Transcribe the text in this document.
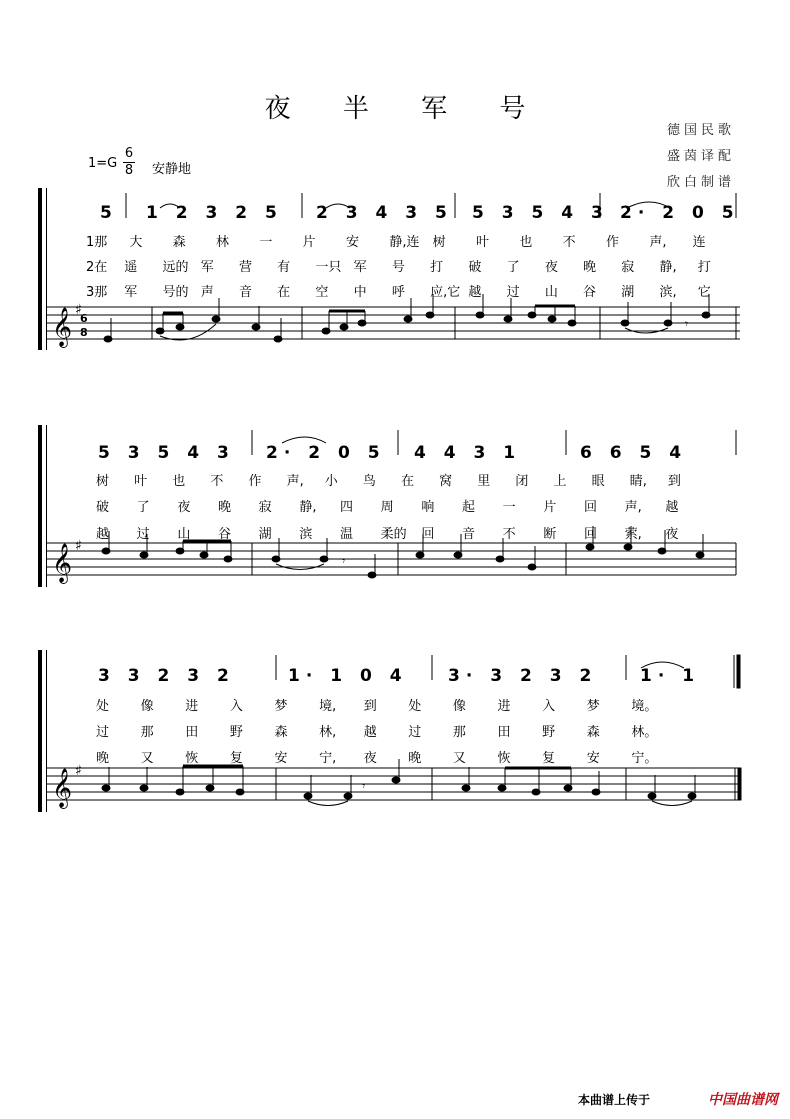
夜 半 军 号
德国民歌
盛茵译配
欣白制谱
1=G
6
8 安静地
5 1 2 3 2 5 2 3 4 3 5 5 3 5 4 3 2· 2 0 5
1那 大 森 林 一 片 安 静,连 树 叶 也 不 作 声, 连
2在 遥 远的 军 营 有 一只 军 号 打 破 了 夜 晚 寂 静, 打
3那 军 号的 声 音 在 空 中 呼 应,它 越 过 山 谷 湖 滨, 它
𝄞 ♯
6
8
𝄾
5 3 5 4 3 2· 2 0 5 4 4 3 1	6 6 5 4
树 叶 也 不 作 声, 小 鸟 在 窝 里 闭 上 眼 睛, 到
破 了 夜 晚 寂 静, 四 周 响 起 一 片 回 声, 越
越 过 山 谷 湖 滨 温 柔的 回 音 不 断 回 萦, 夜
𝄞 ♯
𝄾
3 3 2 3 2	1· 1 0 4 3· 3 2 3 2	1· 1
处 像 进 入 梦 境, 到 处 像 进 入 梦 境。
过 那 田 野 森 林, 越 过 那 田 野 森 林。
晚 又 恢 复 安 宁, 夜 晚 又 恢 复 安 宁。
𝄞 ♯
𝄾
本曲谱上传于	中国曲谱网
